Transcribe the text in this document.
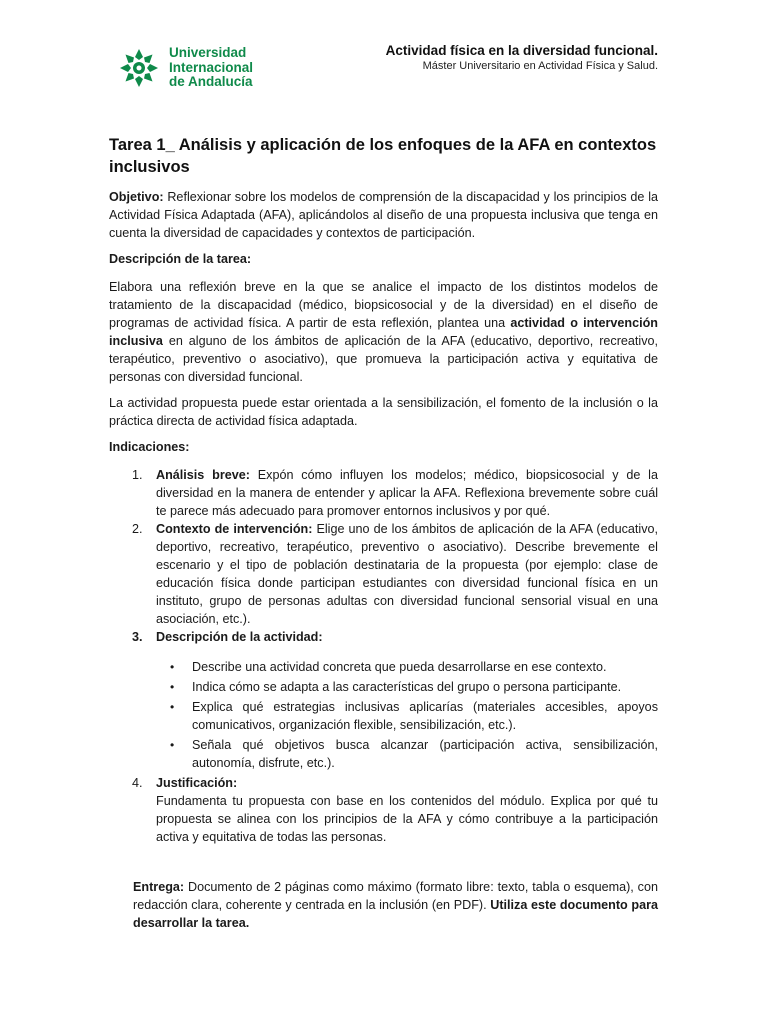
Universidad
Internacional
de Andalucía
Actividad física en la diversidad funcional.
Máster Universitario en Actividad Física y Salud.
Tarea 1_ Análisis y aplicación de los enfoques de la AFA en contextos inclusivos

Objetivo: Reflexionar sobre los modelos de comprensión de la discapacidad y los principios de la Actividad Física Adaptada (AFA), aplicándolos al diseño de una propuesta inclusiva que tenga en cuenta la diversidad de capacidades y contextos de participación.

Descripción de la tarea:

Elabora una reflexión breve en la que se analice el impacto de los distintos modelos de tratamiento de la discapacidad (médico, biopsicosocial y de la diversidad) en el diseño de programas de actividad física. A partir de esta reflexión, plantea una actividad o intervención inclusiva en alguno de los ámbitos de aplicación de la AFA (educativo, deportivo, recreativo, terapéutico, preventivo o asociativo), que promueva la participación activa y equitativa de personas con diversidad funcional.

La actividad propuesta puede estar orientada a la sensibilización, el fomento de la inclusión o la práctica directa de actividad física adaptada.

Indicaciones:
1. Análisis breve: Expón cómo influyen los modelos; médico, biopsicosocial y de la diversidad en la manera de entender y aplicar la AFA. Reflexiona brevemente sobre cuál te parece más adecuado para promover entornos inclusivos y por qué.
2. Contexto de intervención: Elige uno de los ámbitos de aplicación de la AFA (educativo, deportivo, recreativo, terapéutico, preventivo o asociativo). Describe brevemente el escenario y el tipo de población destinataria de la propuesta (por ejemplo: clase de educación física donde participan estudiantes con diversidad funcional física en un instituto, grupo de personas adultas con diversidad funcional sensorial visual en una asociación, etc.).
3. Descripción de la actividad:
• Describe una actividad concreta que pueda desarrollarse en ese contexto.
• Indica cómo se adapta a las características del grupo o persona participante.
• Explica qué estrategias inclusivas aplicarías (materiales accesibles, apoyos comunicativos, organización flexible, sensibilización, etc.).
• Señala qué objetivos busca alcanzar (participación activa, sensibilización, autonomía, disfrute, etc.).
4. Justificación:
Fundamenta tu propuesta con base en los contenidos del módulo. Explica por qué tu propuesta se alinea con los principios de la AFA y cómo contribuye a la participación activa y equitativa de todas las personas.

Entrega: Documento de 2 páginas como máximo (formato libre: texto, tabla o esquema), con redacción clara, coherente y centrada en la inclusión (en PDF). Utiliza este documento para desarrollar la tarea.
